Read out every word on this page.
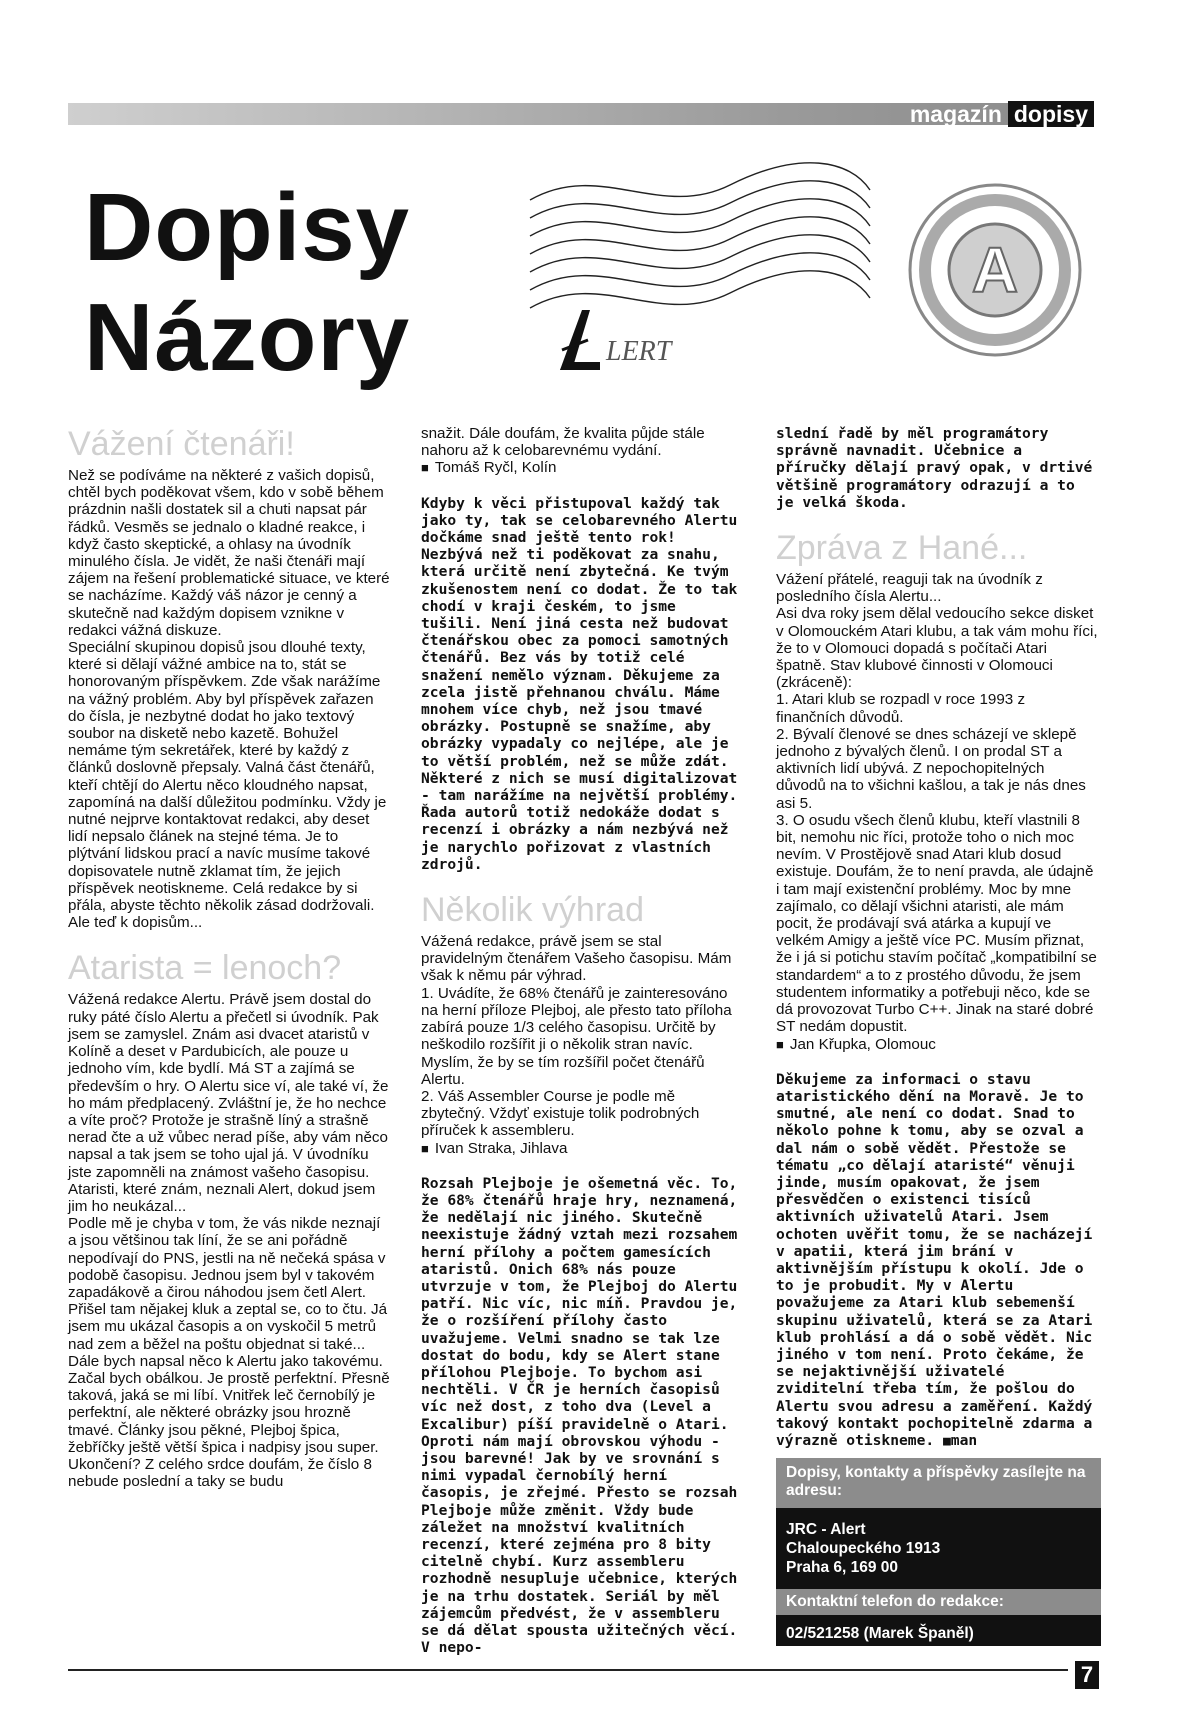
magazín dopisy
Dopisy
Názory
A
LERT
Vážení čtenáři!

Než se podíváme na některé z vašich dopisů, chtěl bych poděkovat všem, kdo v sobě během prázdnin našli dostatek sil a chuti napsat pár řádků. Vesměs se jednalo o kladné reakce, i když často skeptické, a ohlasy na úvodník minulého čísla. Je vidět, že naši čtenáři mají zájem na řešení problematické situace, ve které se nacházíme. Každý váš názor je cenný a skutečně nad každým dopisem vznikne v redakci vážná diskuze.

Speciální skupinou dopisů jsou dlouhé texty, které si dělají vážné ambice na to, stát se honorovaným příspěvkem. Zde však narážíme na vážný problém. Aby byl příspěvek zařazen do čísla, je nezbytné dodat ho jako textový soubor na disketě nebo kazetě. Bohužel nemáme tým sekretářek, které by každý z článků doslovně přepsaly. Valná část čtenářů, kteří chtějí do Alertu něco kloudného napsat, zapomíná na další důležitou podmínku. Vždy je nutné nejprve kontaktovat redakci, aby deset lidí nepsalo článek na stejné téma. Je to plýtvání lidskou prací a navíc musíme takové dopisovatele nutně zklamat tím, že jejich příspěvek neotiskneme. Celá redakce by si přála, abyste těchto několik zásad dodržovali. Ale teď k dopisům...

Atarista = lenoch?

Vážená redakce Alertu. Právě jsem dostal do ruky páté číslo Alertu a přečetl si úvodník. Pak jsem se zamyslel. Znám asi dvacet ataristů v Kolíně a deset v Pardubicích, ale pouze u jednoho vím, kde bydlí. Má ST a zajímá se především o hry. O Alertu sice ví, ale také ví, že ho mám předplacený. Zvláštní je, že ho nechce a víte proč? Protože je strašně líný a strašně nerad čte a už vůbec nerad píše, aby vám něco napsal a tak jsem se toho ujal já. V úvodníku jste zapomněli na známost vašeho časopisu. Ataristi, které znám, neznali Alert, dokud jsem jim ho neukázal...

Podle mě je chyba v tom, že vás nikde neznají a jsou většinou tak líní, že se ani pořádně nepodívají do PNS, jestli na ně nečeká spása v podobě časopisu. Jednou jsem byl v takovém zapadákově a čirou náhodou jsem četl Alert. Přišel tam nějakej kluk a zeptal se, co to čtu. Já jsem mu ukázal časopis a on vyskočil 5 metrů nad zem a běžel na poštu objednat si také...

Dále bych napsal něco k Alertu jako takovému. Začal bych obálkou. Je prostě perfektní. Přesně taková, jaká se mi líbí. Vnitřek leč černobílý je perfektní, ale některé obrázky jsou hrozně tmavé. Články jsou pěkné, Plejboj špica, žebříčky ještě větší špica i nadpisy jsou super.

Ukončení? Z celého srdce doufám, že číslo 8 nebude poslední a taky se budu

snažit. Dále doufám, že kvalita půjde stále nahoru až k celobarevnému vydání.

■ Tomáš Ryčl, Kolín

Kdyby k věci přistupoval každý tak jako ty, tak se celobarevného Alertu dočkáme snad ještě tento rok! Nezbývá než ti poděkovat za snahu, která určitě není zbytečná. Ke tvým zkušenostem není co dodat. Že to tak chodí v kraji českém, to jsme tušili. Není jiná cesta než budovat čtenářskou obec za pomoci samotných čtenářů. Bez vás by totiž celé snažení nemělo význam. Děkujeme za zcela jistě přehnanou chválu. Máme mnohem více chyb, než jsou tmavé obrázky. Postupně se snažíme, aby obrázky vypadaly co nejlépe, ale je to větší problém, než se může zdát. Některé z nich se musí digitalizovat - tam narážíme na největší problémy. Řada autorů totiž nedokáže dodat s recenzí i obrázky a nám nezbývá než je narychlo pořizovat z vlastních zdrojů.

Několik výhrad

Vážená redakce, právě jsem se stal pravidelným čtenářem Vašeho časopisu. Mám však k němu pár výhrad.

1. Uvádíte, že 68% čtenářů je zainteresováno na herní příloze Plejboj, ale přesto tato příloha zabírá pouze 1/3 celého časopisu. Určitě by neškodilo rozšířit ji o několik stran navíc. Myslím, že by se tím rozšířil počet čtenářů Alertu.

2. Váš Assembler Course je podle mě zbytečný. Vždyť existuje tolik podrobných příruček k assembleru.

■ Ivan Straka, Jihlava

Rozsah Plejboje je ošemetná věc. To, že 68% čtenářů hraje hry, neznamená, že nedělají nic jiného. Skutečně neexistuje žádný vztah mezi rozsahem herní přílohy a počtem gamesících ataristů. Onich 68% nás pouze utvrzuje v tom, že Plejboj do Alertu patří. Nic víc, nic míň. Pravdou je, že o rozšíření přílohy často uvažujeme. Velmi snadno se tak lze dostat do bodu, kdy se Alert stane přílohou Plejboje. To bychom asi nechtěli. V ČR je herních časopisů víc než dost, z toho dva (Level a Excalibur) píší pravidelně o Atari. Oproti nám mají obrovskou výhodu - jsou barevné! Jak by ve srovnání s nimi vypadal černobílý herní časopis, je zřejmé. Přesto se rozsah Plejboje může změnit. Vždy bude záležet na množství kvalitních recenzí, které zejména pro 8 bity citelně chybí. Kurz assembleru rozhodně nesupluje učebnice, kterých je na trhu dostatek. Seriál by měl zájemcům předvést, že v assembleru se dá dělat spousta užitečných věcí. V nepo-

slední řadě by měl programátory správně navnadit. Učebnice a příručky dělají pravý opak, v drtivé většině programátory odrazují a to je velká škoda.

Zpráva z Hané...

Vážení přátelé, reaguji tak na úvodník z posledního čísla Alertu...

Asi dva roky jsem dělal vedoucího sekce disket v Olomouckém Atari klubu, a tak vám mohu říci, že to v Olomouci dopadá s počítači Atari špatně. Stav klubové činnosti v Olomouci (zkráceně):

1. Atari klub se rozpadl v roce 1993 z finančních důvodů.

2. Bývalí členové se dnes scházejí ve sklepě jednoho z bývalých členů. I on prodal ST a aktivních lidí ubývá. Z nepochopitelných důvodů na to všichni kašlou, a tak je nás dnes asi 5.

3. O osudu všech členů klubu, kteří vlastnili 8 bit, nemohu nic říci, protože toho o nich moc nevím. V Prostějově snad Atari klub dosud existuje. Doufám, že to není pravda, ale údajně i tam mají existenční problémy. Moc by mne zajímalo, co dělají všichni ataristi, ale mám pocit, že prodávají svá atárka a kupují ve velkém Amigy a ještě více PC. Musím přiznat, že i já si potichu stavím počítač „kompatibilní se standardem“ a to z prostého důvodu, že jsem studentem informatiky a potřebuji něco, kde se dá provozovat Turbo C++. Jinak na staré dobré ST nedám dopustit.

■ Jan Křupka, Olomouc

Děkujeme za informaci o stavu ataristického dění na Moravě. Je to smutné, ale není co dodat. Snad to několo pohne k tomu, aby se ozval a dal nám o sobě vědět. Přestože se tématu „co dělají ataristé“ věnuji jinde, musím opakovat, že jsem přesvědčen o existenci tisíců aktivních uživatelů Atari. Jsem ochoten uvěřit tomu, že se nacházejí v apatii, která jim brání v aktivnějším přístupu k okolí. Jde o to je probudit. My v Alertu považujeme za Atari klub sebemenší skupinu uživatelů, která se za Atari klub prohlásí a dá o sobě vědět. Nic jiného v tom není. Proto čekáme, že se nejaktivnější uživatelé zviditelní třeba tím, že pošlou do Alertu svou adresu a zaměření. Každý takový kontakt pochopitelně zdarma a výrazně otiskneme. ■man

Dopisy, kontakty a příspěvky zasílejte na adresu:
JRC - Alert
Chaloupeckého 1913
Praha 6, 169 00
Kontaktní telefon do redakce:
02/521258 (Marek Španěl)
7
